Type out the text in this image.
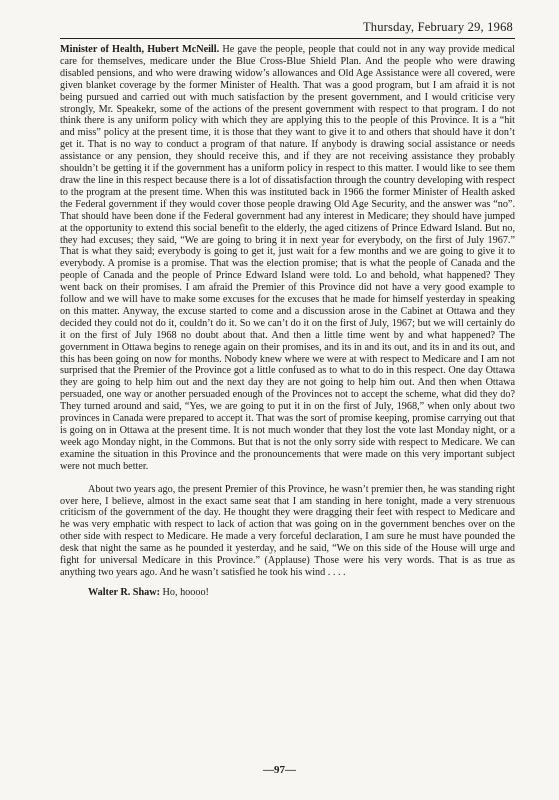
Thursday, February 29, 1968

Minister of Health, Hubert McNeill. He gave the people, people that could not in any way provide medical care for themselves, medicare under the Blue Cross-Blue Shield Plan. And the people who were drawing disabled pensions, and who were drawing widow’s allowances and Old Age Assistance were all covered, were given blanket coverage by the former Minister of Health. That was a good program, but I am afraid it is not being pursued and carried out with much satisfaction by the present government, and I would criticise very strongly, Mr. Speakekr, some of the actions of the present government with respect to that program. I do not think there is any uniform policy with which they are applying this to the people of this Province. It is a “hit and miss” policy at the present time, it is those that they want to give it to and others that should have it don’t get it. That is no way to conduct a program of that nature. If anybody is drawing social assistance or needs assistance or any pension, they should receive this, and if they are not receiving assistance they probably shouldn’t be getting it if the government has a uniform policy in respect to this matter. I would like to see them draw the line in this respect because there is a lot of dissatisfaction through the country developing with respect to the program at the present time. When this was instituted back in 1966 the former Minister of Health asked the Federal government if they would cover those people drawing Old Age Security, and the answer was “no”. That should have been done if the Federal government had any interest in Medicare; they should have jumped at the opportunity to extend this social benefit to the elderly, the aged citizens of Prince Edward Island. But no, they had excuses; they said, “We are going to bring it in next year for everybody, on the first of July 1967.” That is what they said; everybody is going to get it, just wait for a few months and we are going to give it to everybody. A promise is a promise. That was the election promise; that is what the people of Canada and the people of Canada and the people of Prince Edward Island were told. Lo and behold, what happened? They went back on their promises. I am afraid the Premier of this Province did not have a very good example to follow and we will have to make some excuses for the excuses that he made for himself yesterday in speaking on this matter. Anyway, the excuse started to come and a discussion arose in the Cabinet at Ottawa and they decided they could not do it, couldn’t do it. So we can’t do it on the first of July, 1967; but we will certainly do it on the first of July 1968 no doubt about that. And then a little time went by and what happened? The government in Ottawa begins to renege again on their promises, and its in and its out, and its in and its out, and this has been going on now for months. Nobody knew where we were at with respect to Medicare and I am not surprised that the Premier of the Province got a little confused as to what to do in this respect. One day Ottawa they are going to help him out and the next day they are not going to help him out. And then when Ottawa persuaded, one way or another persuaded enough of the Provinces not to accept the scheme, what did they do? They turned around and said, “Yes, we are going to put it in on the first of July, 1968,” when only about two provinces in Canada were prepared to accept it. That was the sort of promise keeping, promise carrying out that is going on in Ottawa at the present time. It is not much wonder that they lost the vote last Monday night, or a week ago Monday night, in the Commons. But that is not the only sorry side with respect to Medicare. We can examine the situation in this Province and the pronouncements that were made on this very important subject were not much better.

About two years ago, the present Premier of this Province, he wasn’t premier then, he was standing right over here, I believe, almost in the exact same seat that I am standing in here tonight, made a very strenuous criticism of the government of the day. He thought they were dragging their feet with respect to Medicare and he was very emphatic with respect to lack of action that was going on in the government benches over on the other side with respect to Medicare. He made a very forceful declaration, I am sure he must have pounded the desk that night the same as he pounded it yesterday, and he said, “We on this side of the House will urge and fight for universal Medicare in this Province.” (Applause) Those were his very words. That is as true as anything two years ago. And he wasn’t satisfied he took his wind . . . .

Walter R. Shaw: Ho, hoooo!

—97—
